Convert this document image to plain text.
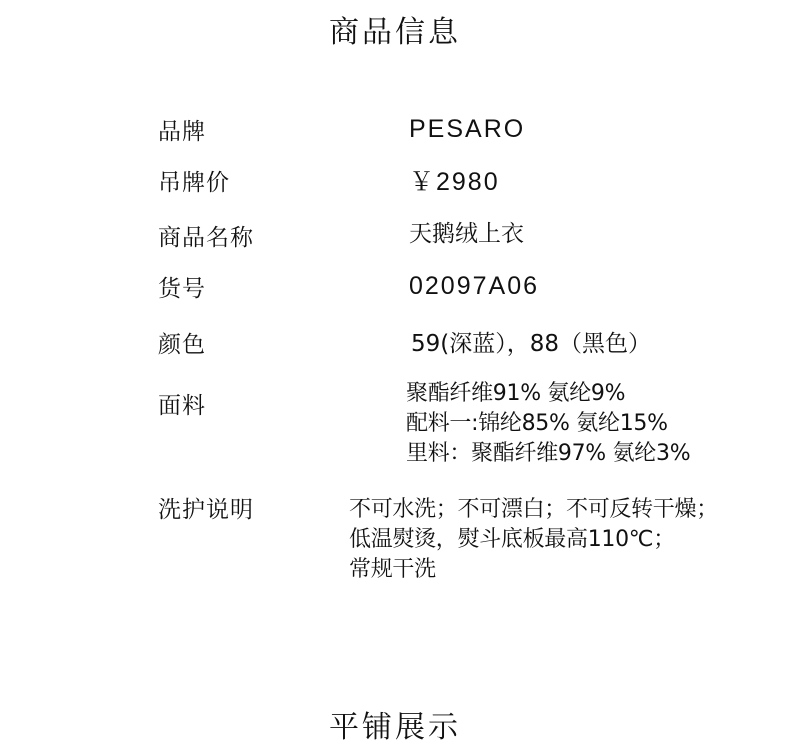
商品信息
品牌	PESARO
吊牌价	￥2980
商品名称	天鹅绒上衣
货号	02097A06
颜色	59(深蓝），88（黑色）
面料	聚酯纤维91% 氨纶9%
配料一:锦纶85% 氨纶15%
里料：聚酯纤维97% 氨纶3%
洗护说明	不可水洗；不可漂白；不可反转干燥；
低温熨烫，熨斗底板最高110℃；
常规干洗
平铺展示
